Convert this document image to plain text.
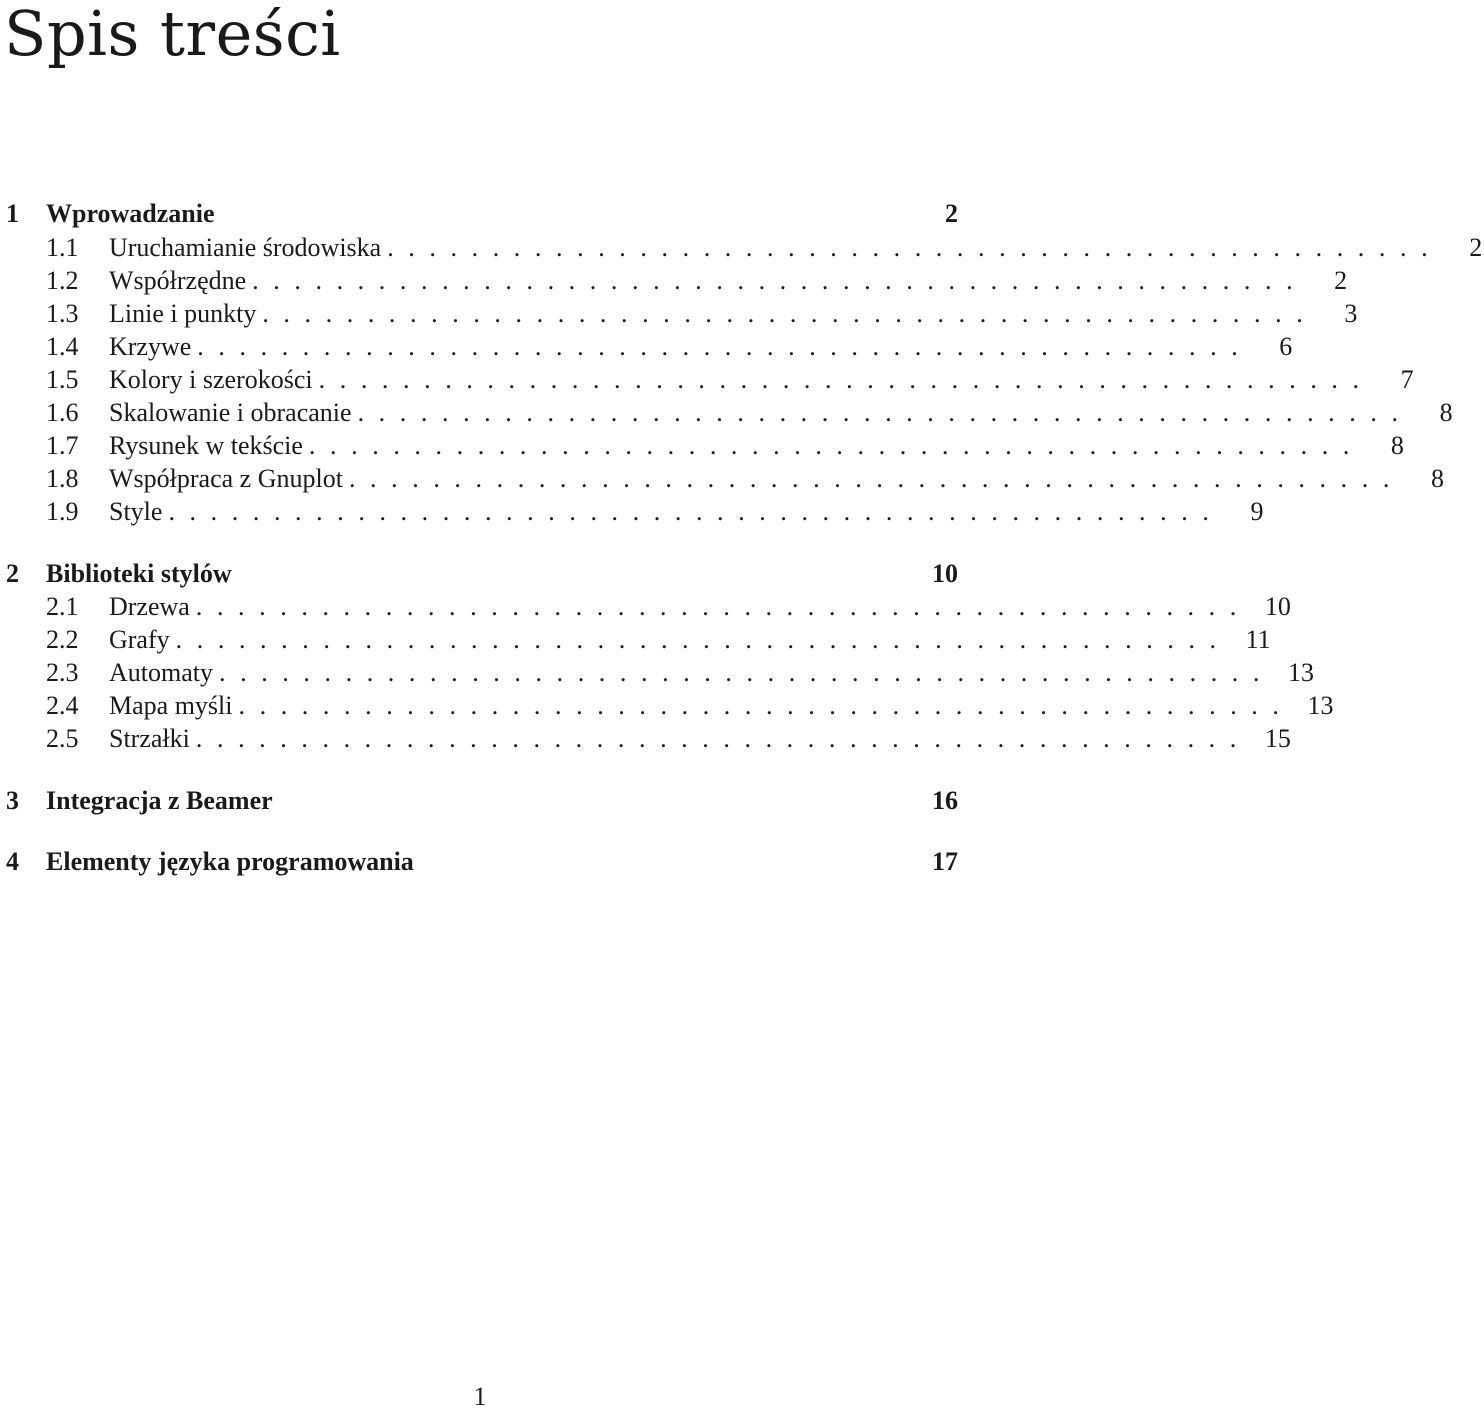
Spis treści
1 Wprowadzanie	2
1.1	Uruchamianie środowiska ..................................................	2
1.2	Współrzędne ..................................................	2
1.3	Linie i punkty ..................................................	3
1.4	Krzywe ..................................................	6
1.5	Kolory i szerokości ..................................................	7
1.6	Skalowanie i obracanie ..................................................	8
1.7	Rysunek w tekście ..................................................	8
1.8	Współpraca z Gnuplot ..................................................	8
1.9	Style ..................................................	9
2 Biblioteki stylów	10
2.1	Drzewa .................................................. 10
2.2	Grafy .................................................. 11
2.3	Automaty .................................................. 13
2.4	Mapa myśli .................................................. 13
2.5	Strzałki .................................................. 15
3 Integracja z Beamer	16
4 Elementy języka programowania	17
1
